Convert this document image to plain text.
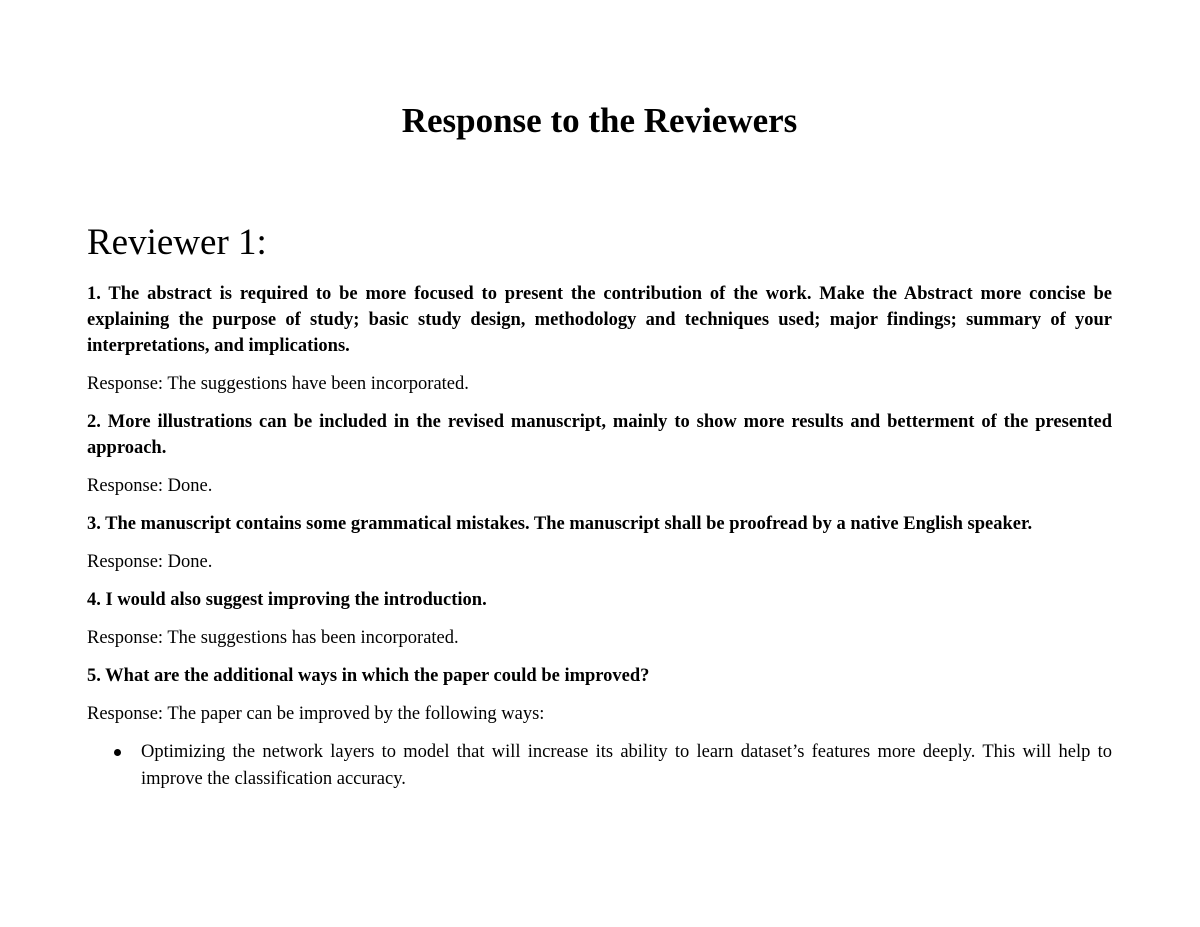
Response to the Reviewers
Reviewer 1:

1. The abstract is required to be more focused to present the contribution of the work. Make the Abstract more concise be explaining the purpose of study; basic study design, methodology and techniques used; major findings; summary of your interpretations, and implications.

Response: The suggestions have been incorporated.

2. More illustrations can be included in the revised manuscript, mainly to show more results and betterment of the presented approach.

Response: Done.

3. The manuscript contains some grammatical mistakes. The manuscript shall be proofread by a native English speaker.

Response: Done.

4. I would also suggest improving the introduction.

Response: The suggestions has been incorporated.

5. What are the additional ways in which the paper could be improved?

Response: The paper can be improved by the following ways:

Optimizing the network layers to model that will increase its ability to learn dataset’s features more deeply. This will help to improve the classification accuracy.
